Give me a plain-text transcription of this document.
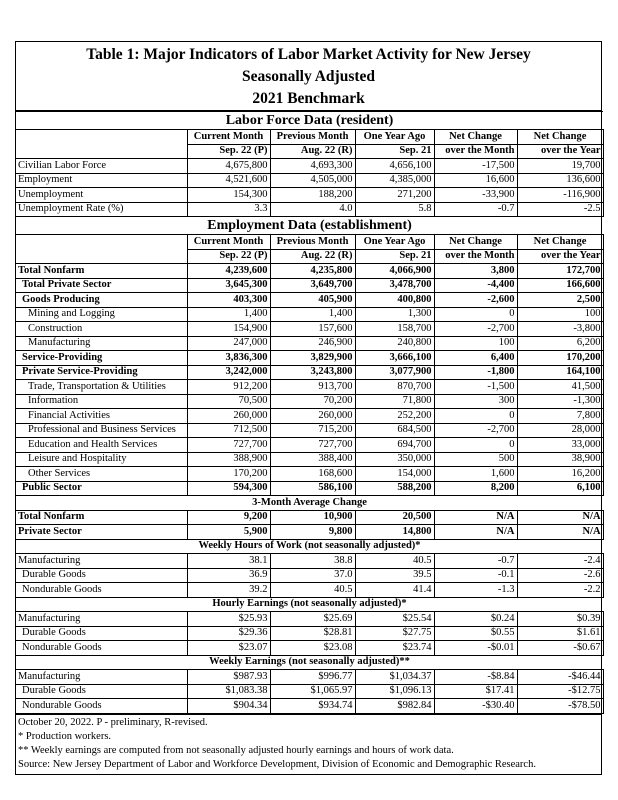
Table 1: Major Indicators of Labor Market Activity for New Jersey
Seasonally Adjusted
2021 Benchmark
Labor Force Data (resident)					
	Current Month	Previous Month	One Year Ago	Net Change	Net Change
	Sep. 22 (P)	Aug. 22 (R)	Sep. 21	over the Month	over the Year
Civilian Labor Force	4,675,800	4,693,300	4,656,100	-17,500	19,700
Employment	4,521,600	4,505,000	4,385,000	16,600	136,600
Unemployment	154,300	188,200	271,200	-33,900	-116,900
Unemployment Rate (%)	3.3	4.0	5.8	-0.7	-2.5
Employment Data (establishment)					
	Current Month	Previous Month	One Year Ago	Net Change	Net Change
	Sep. 22 (P)	Aug. 22 (R)	Sep. 21	over the Month	over the Year
Total Nonfarm	4,239,600	4,235,800	4,066,900	3,800	172,700
Total Private Sector	3,645,300	3,649,700	3,478,700	-4,400	166,600
Goods Producing	403,300	405,900	400,800	-2,600	2,500
Mining and Logging	1,400	1,400	1,300	0	100
Construction	154,900	157,600	158,700	-2,700	-3,800
Manufacturing	247,000	246,900	240,800	100	6,200
Service-Providing	3,836,300	3,829,900	3,666,100	6,400	170,200
Private Service-Providing	3,242,000	3,243,800	3,077,900	-1,800	164,100
Trade, Transportation & Utilities	912,200	913,700	870,700	-1,500	41,500
Information	70,500	70,200	71,800	300	-1,300
Financial Activities	260,000	260,000	252,200	0	7,800
Professional and Business Services	712,500	715,200	684,500	-2,700	28,000
Education and Health Services	727,700	727,700	694,700	0	33,000
Leisure and Hospitality	388,900	388,400	350,000	500	38,900
Other Services	170,200	168,600	154,000	1,600	16,200
Public Sector	594,300	586,100	588,200	8,200	6,100
3-Month Average Change					
Total Nonfarm	9,200	10,900	20,500	N/A	N/A
Private Sector	5,900	9,800	14,800	N/A	N/A
Weekly Hours of Work (not seasonally adjusted)*					
Manufacturing	38.1	38.8	40.5	-0.7	-2.4
Durable Goods	36.9	37.0	39.5	-0.1	-2.6
Nondurable Goods	39.2	40.5	41.4	-1.3	-2.2
Hourly Earnings (not seasonally adjusted)*					
Manufacturing	$25.93	$25.69	$25.54	$0.24	$0.39
Durable Goods	$29.36	$28.81	$27.75	$0.55	$1.61
Nondurable Goods	$23.07	$23.08	$23.74	-$0.01	-$0.67
Weekly Earnings (not seasonally adjusted)**					
Manufacturing	$987.93	$996.77	$1,034.37	-$8.84	-$46.44
Durable Goods	$1,083.38	$1,065.97	$1,096.13	$17.41	-$12.75
Nondurable Goods	$904.34	$934.74	$982.84	-$30.40	-$78.50
October 20, 2022. P - preliminary, R-revised.
* Production workers.
** Weekly earnings are computed from not seasonally adjusted hourly earnings and hours of work data.
Source: New Jersey Department of Labor and Workforce Development, Division of Economic and Demographic Research.
